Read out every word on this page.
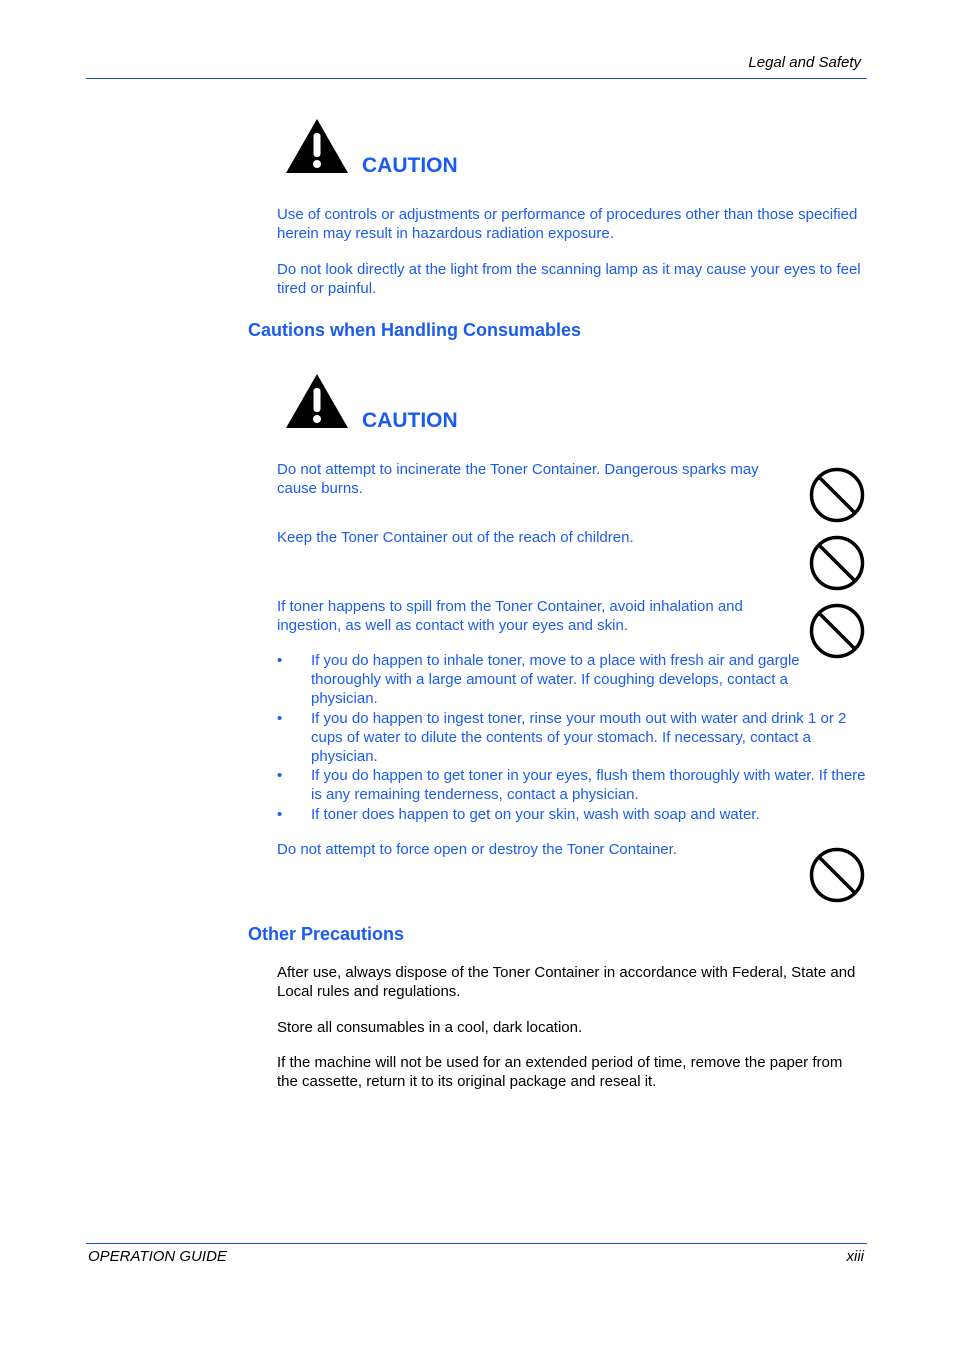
Legal and Safety
CAUTION
Use of controls or adjustments or performance of procedures other than those specified herein may result in hazardous radiation exposure.
Do not look directly at the light from the scanning lamp as it may cause your eyes to feel tired or painful.
Cautions when Handling Consumables
CAUTION
Do not attempt to incinerate the Toner Container. Dangerous sparks may cause burns.
Keep the Toner Container out of the reach of children.
If toner happens to spill from the Toner Container, avoid inhalation and ingestion, as well as contact with your eyes and skin.
• If you do happen to inhale toner, move to a place with fresh air and gargle thoroughly with a large amount of water. If coughing develops, contact a physician.
• If you do happen to ingest toner, rinse your mouth out with water and drink 1 or 2 cups of water to dilute the contents of your stomach. If necessary, contact a physician.
• If you do happen to get toner in your eyes, flush them thoroughly with water. If there is any remaining tenderness, contact a physician.
• If toner does happen to get on your skin, wash with soap and water.
Do not attempt to force open or destroy the Toner Container.
Other Precautions
After use, always dispose of the Toner Container in accordance with Federal, State and Local rules and regulations.
Store all consumables in a cool, dark location.
If the machine will not be used for an extended period of time, remove the paper from the cassette, return it to its original package and reseal it.
OPERATION GUIDE	xiii
